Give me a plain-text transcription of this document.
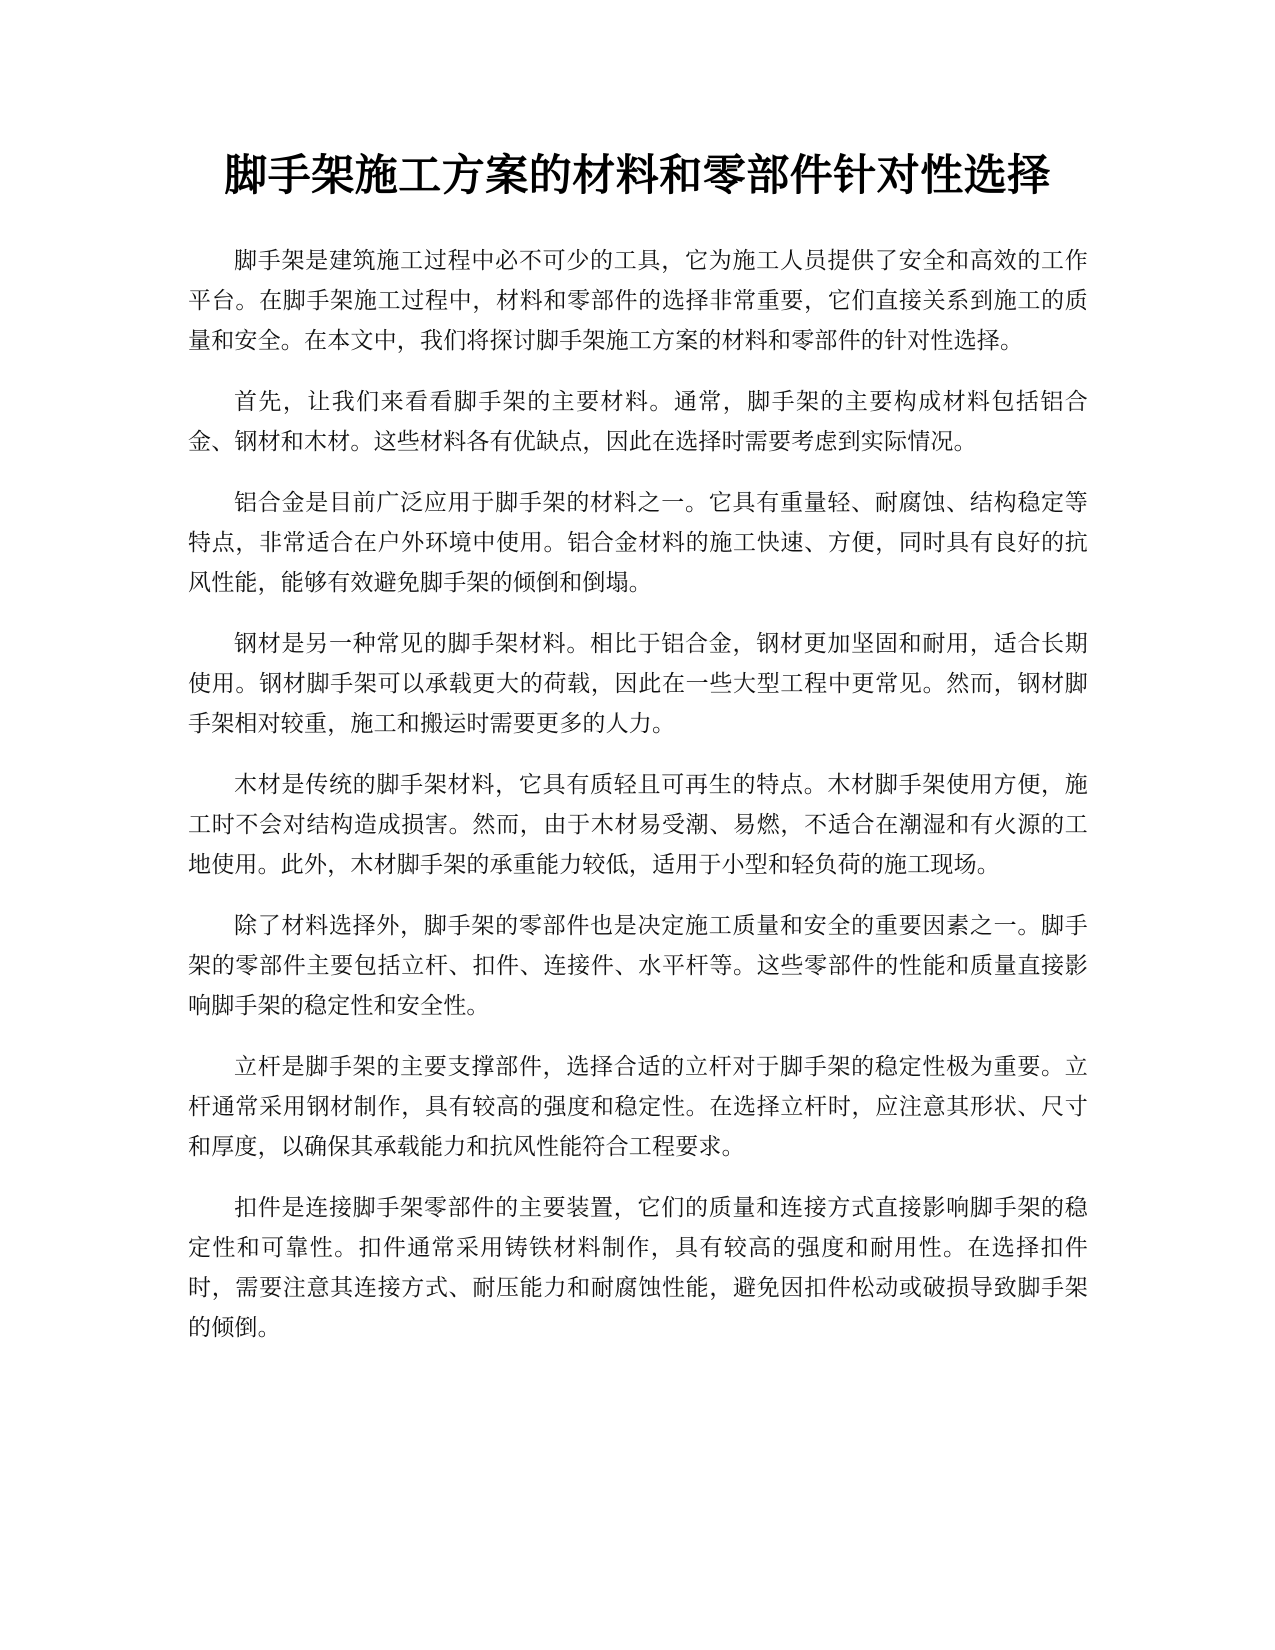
脚手架施工方案的材料和零部件针对性选择

脚手架是建筑施工过程中必不可少的工具，它为施工人员提供了安全和高效的工作平台。在脚手架施工过程中，材料和零部件的选择非常重要，它们直接关系到施工的质量和安全。在本文中，我们将探讨脚手架施工方案的材料和零部件的针对性选择。

首先，让我们来看看脚手架的主要材料。通常，脚手架的主要构成材料包括铝合金、钢材和木材。这些材料各有优缺点，因此在选择时需要考虑到实际情况。

铝合金是目前广泛应用于脚手架的材料之一。它具有重量轻、耐腐蚀、结构稳定等特点，非常适合在户外环境中使用。铝合金材料的施工快速、方便，同时具有良好的抗风性能，能够有效避免脚手架的倾倒和倒塌。

钢材是另一种常见的脚手架材料。相比于铝合金，钢材更加坚固和耐用，适合长期使用。钢材脚手架可以承载更大的荷载，因此在一些大型工程中更常见。然而，钢材脚手架相对较重，施工和搬运时需要更多的人力。

木材是传统的脚手架材料，它具有质轻且可再生的特点。木材脚手架使用方便，施工时不会对结构造成损害。然而，由于木材易受潮、易燃，不适合在潮湿和有火源的工地使用。此外，木材脚手架的承重能力较低，适用于小型和轻负荷的施工现场。

除了材料选择外，脚手架的零部件也是决定施工质量和安全的重要因素之一。脚手架的零部件主要包括立杆、扣件、连接件、水平杆等。这些零部件的性能和质量直接影响脚手架的稳定性和安全性。

立杆是脚手架的主要支撑部件，选择合适的立杆对于脚手架的稳定性极为重要。立杆通常采用钢材制作，具有较高的强度和稳定性。在选择立杆时，应注意其形状、尺寸和厚度，以确保其承载能力和抗风性能符合工程要求。

扣件是连接脚手架零部件的主要装置，它们的质量和连接方式直接影响脚手架的稳定性和可靠性。扣件通常采用铸铁材料制作，具有较高的强度和耐用性。在选择扣件时，需要注意其连接方式、耐压能力和耐腐蚀性能，避免因扣件松动或破损导致脚手架的倾倒。
